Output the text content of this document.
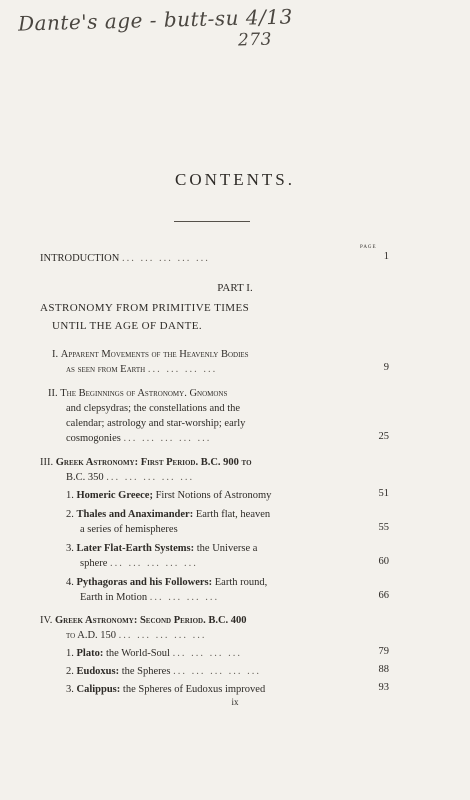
Dante's age - butt-su 4/13
273
CONTENTS.
PAGE
INTRODUCTION ... ... ... ... ...	1
PART I.
ASTRONOMY FROM PRIMITIVE TIMES
UNTIL THE AGE OF DANTE.
I. Apparent Movements of the Heavenly Bodies
as seen from Earth ... ... ... ...	9
II. The Beginnings of Astronomy. Gnomons
and clepsydras; the constellations and the
calendar; astrology and star-worship; early
cosmogonies ... ... ... ... ...	25
III. Greek Astronomy: First Period. B.C. 900 to
B.C. 350 ... ... ... ... ...
1. Homeric Greece; First Notions of Astronomy	51
2. Thales and Anaximander: Earth flat, heaven
a series of hemispheres	55
3. Later Flat-Earth Systems: the Universe a
sphere ... ... ... ... ...	60
4. Pythagoras and his Followers: Earth round,
Earth in Motion ... ... ... ...	66
IV. Greek Astronomy: Second Period. B.C. 400
to A.D. 150 ... ... ... ... ...
1. Plato: the World-Soul ... ... ... ...	79
2. Eudoxus: the Spheres ... ... ... ... ...	88
3. Calippus: the Spheres of Eudoxus improved	93
ix
